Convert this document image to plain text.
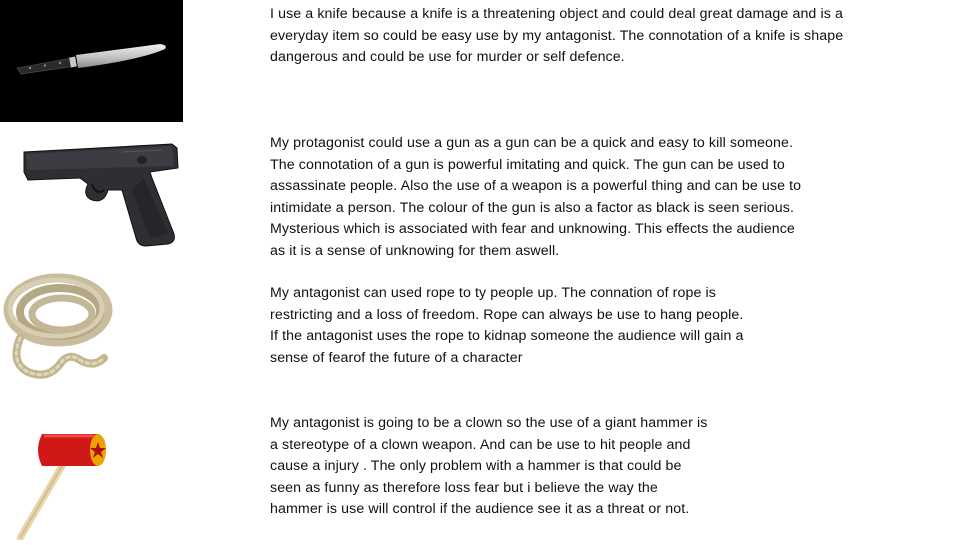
I use a knife because a knife is a threatening object and could deal great damage and is a
everyday item so could be easy use by my antagonist. The connotation of a knife is shape
dangerous and could be use for murder or self defence.

My protagonist could use a gun as a gun can be a quick and easy to kill someone.
The connotation of a gun is powerful imitating and quick. The gun can be used to
assassinate people. Also the use of a weapon is a powerful thing and can be use to
intimidate a person. The colour of the gun is also a factor as black is seen serious.
Mysterious which is associated with fear and unknowing. This effects the audience
as it is a sense of unknowing for them aswell.

My antagonist can used rope to ty people up. The connation of rope is
restricting and a loss of freedom. Rope can always be use to hang people.
If the antagonist uses the rope to kidnap someone the audience will gain a
sense of fearof the future of a character

My antagonist is going to be a clown so the use of a giant hammer is
a stereotype of a clown weapon. And can be use to hit people and
cause a injury . The only problem with a hammer is that could be
seen as funny as therefore loss fear but i believe the way the
hammer is use will control if the audience see it as a threat or not.
